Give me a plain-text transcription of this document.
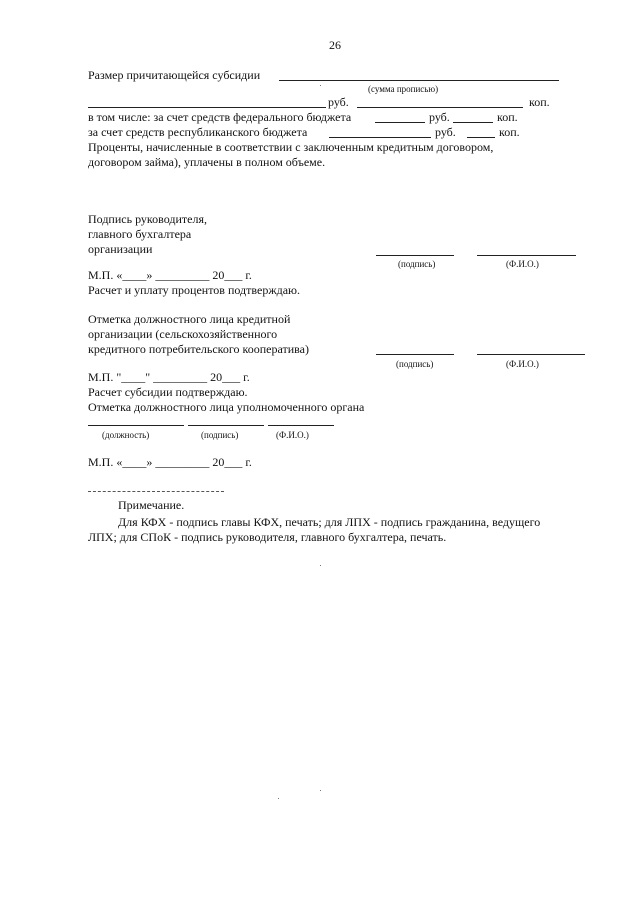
26
Размер причитающейся субсидии
(сумма прописью)
руб.	коп.
в том числе: за счет средств федерального бюджета	руб.	коп.
за счет средств республиканского бюджета	руб.	коп.
Проценты, начисленные в соответствии с заключенным кредитным договором,
договором займа), уплачены в полном объеме.
Подпись руководителя,
главного бухгалтера
организации
(подпись)	(Ф.И.О.)
М.П. «____» _________ 20___ г.
Расчет и уплату процентов подтверждаю.
Отметка должностного лица кредитной
организации (сельскохозяйственного
кредитного потребительского кооператива)
(подпись)	(Ф.И.О.)
М.П. "____" _________ 20___ г.
Расчет субсидии подтверждаю.
Отметка должностного лица уполномоченного органа
(должность)	(подпись)	(Ф.И.О.)
М.П. «____» _________ 20___ г.
Примечание.
Для КФХ - подпись главы КФХ, печать; для ЛПХ - подпись гражданина, ведущего
ЛПХ; для СПоК - подпись руководителя, главного бухгалтера, печать.
